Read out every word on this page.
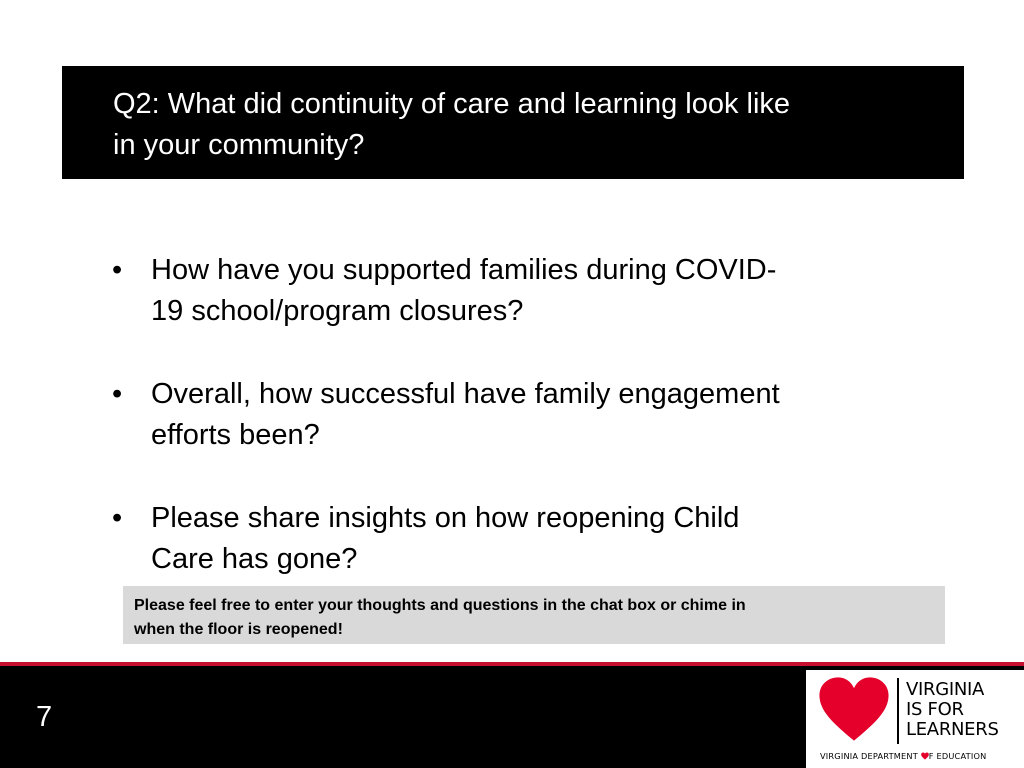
Q2: What did continuity of care and learning look like
in your community?
• How have you supported families during COVID-
19 school/program closures?
• Overall, how successful have family engagement
efforts been?
• Please share insights on how reopening Child
Care has gone?
Please feel free to enter your thoughts and questions in the chat box or chime in
when the floor is reopened!
7
VIRGINIA
IS FOR
LEARNERS
VIRGINIA DEPARTMENT F EDUCATION
